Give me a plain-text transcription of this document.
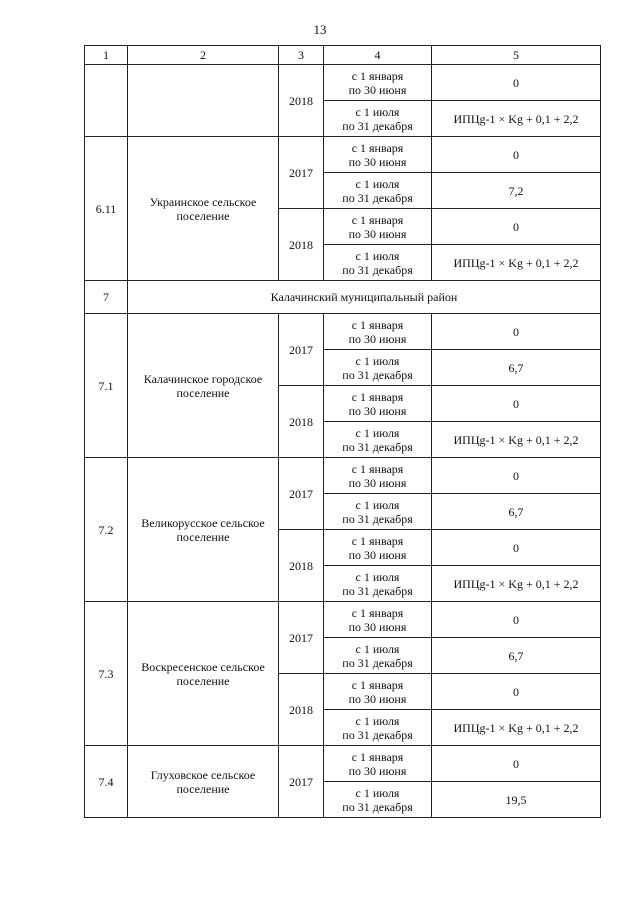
13
1	2	3	4	5
		2018	с 1 января
по 30 июня	0
			с 1 июля
по 31 декабря	ИПЦg-1 × Kg + 0,1 + 2,2
6.11	Украинское сельское поселение	2017	с 1 января
по 30 июня	0
			с 1 июля
по 31 декабря	7,2
		2018	с 1 января
по 30 июня	0
			с 1 июля
по 31 декабря	ИПЦg-1 × Kg + 0,1 + 2,2
7	Калачинский муниципальный район			
7.1	Калачинское городское поселение	2017	с 1 января
по 30 июня	0
			с 1 июля
по 31 декабря	6,7
		2018	с 1 января
по 30 июня	0
			с 1 июля
по 31 декабря	ИПЦg-1 × Kg + 0,1 + 2,2
7.2	Великорусское сельское поселение	2017	с 1 января
по 30 июня	0
			с 1 июля
по 31 декабря	6,7
		2018	с 1 января
по 30 июня	0
			с 1 июля
по 31 декабря	ИПЦg-1 × Kg + 0,1 + 2,2
7.3	Воскресенское сельское поселение	2017	с 1 января
по 30 июня	0
			с 1 июля
по 31 декабря	6,7
		2018	с 1 января
по 30 июня	0
			с 1 июля
по 31 декабря	ИПЦg-1 × Kg + 0,1 + 2,2
7.4	Глуховское сельское поселение	2017	с 1 января
по 30 июня	0
			с 1 июля
по 31 декабря	19,5
